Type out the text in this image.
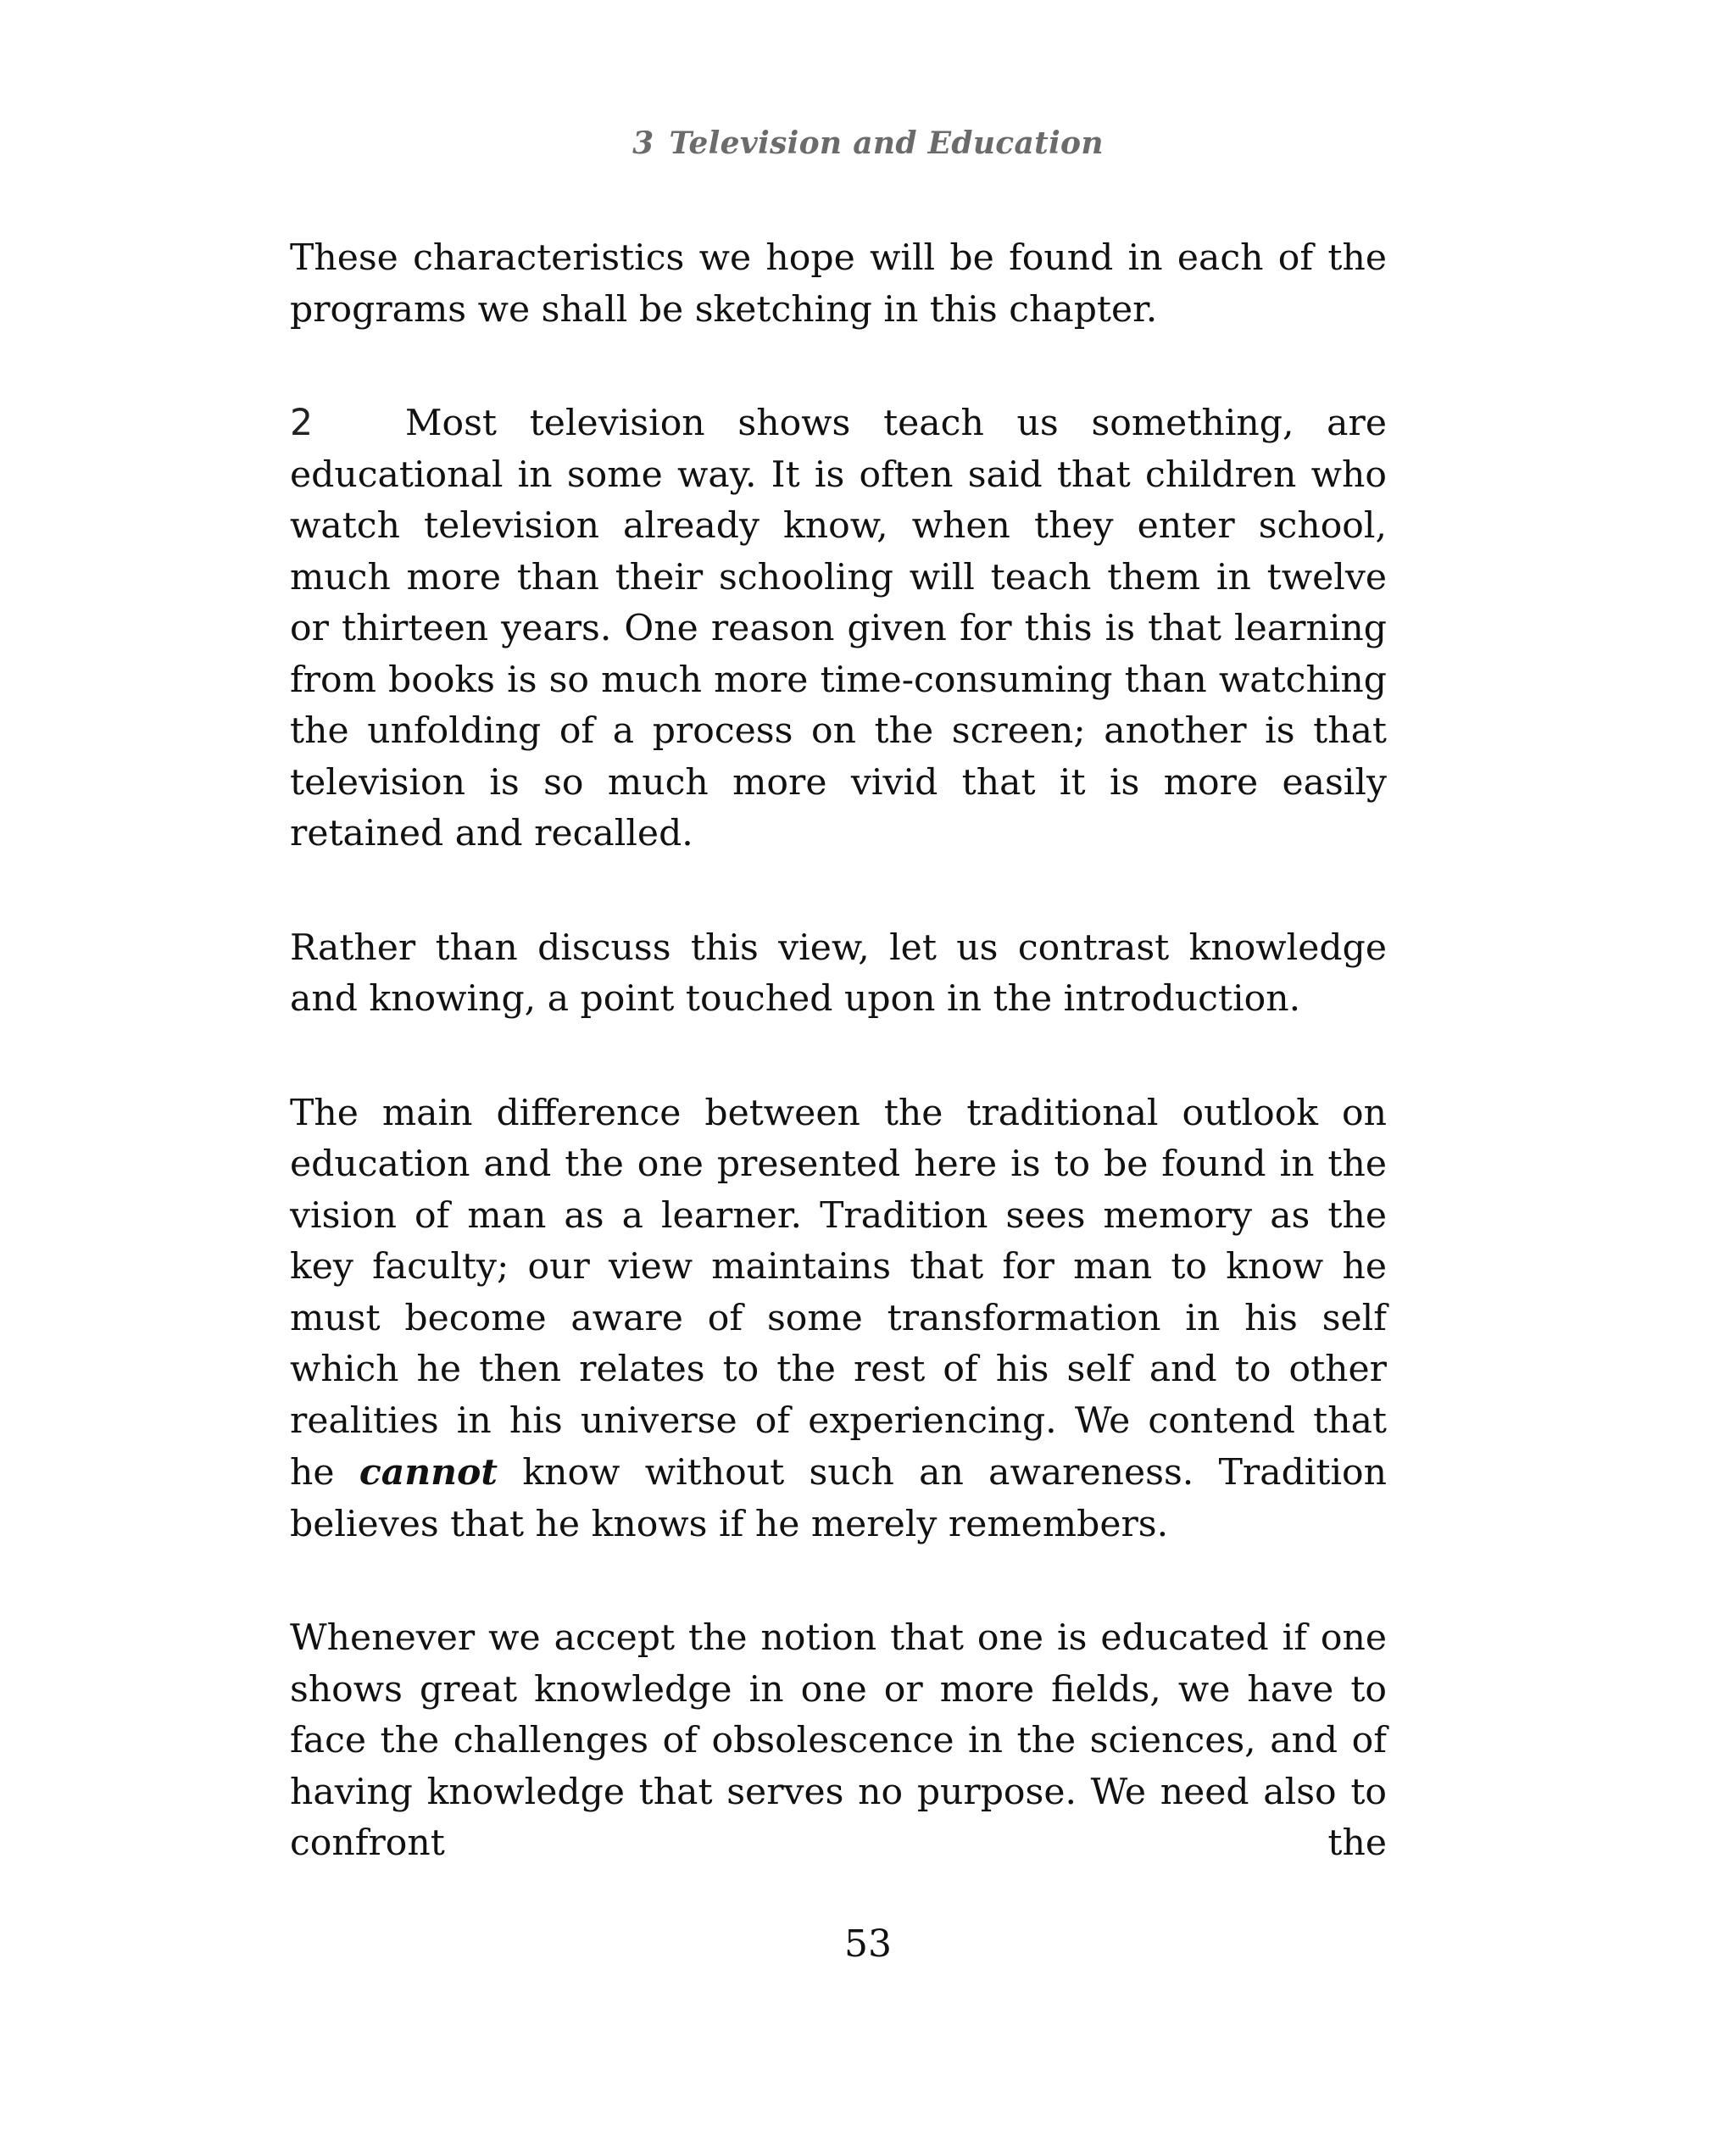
3 Television and Education

These characteristics we hope will be found in each of the programs we shall be sketching in this chapter.

2	Most television shows teach us something, are educational in some way. It is often said that children who watch television already know, when they enter school, much more than their schooling will teach them in twelve or thirteen years. One reason given for this is that learning from books is so much more time-consuming than watching the unfolding of a process on the screen; another is that television is so much more vivid that it is more easily retained and recalled.

Rather than discuss this view, let us contrast knowledge and knowing, a point touched upon in the introduction.

The main difference between the traditional outlook on education and the one presented here is to be found in the vision of man as a learner. Tradition sees memory as the key faculty; our view maintains that for man to know he must become aware of some transformation in his self which he then relates to the rest of his self and to other realities in his universe of experiencing. We contend that he cannot know without such an awareness. Tradition believes that he knows if he merely remembers.

Whenever we accept the notion that one is educated if one shows great knowledge in one or more fields, we have to face the challenges of obsolescence in the sciences, and of having knowledge that serves no purpose. We need also to confront the

53
